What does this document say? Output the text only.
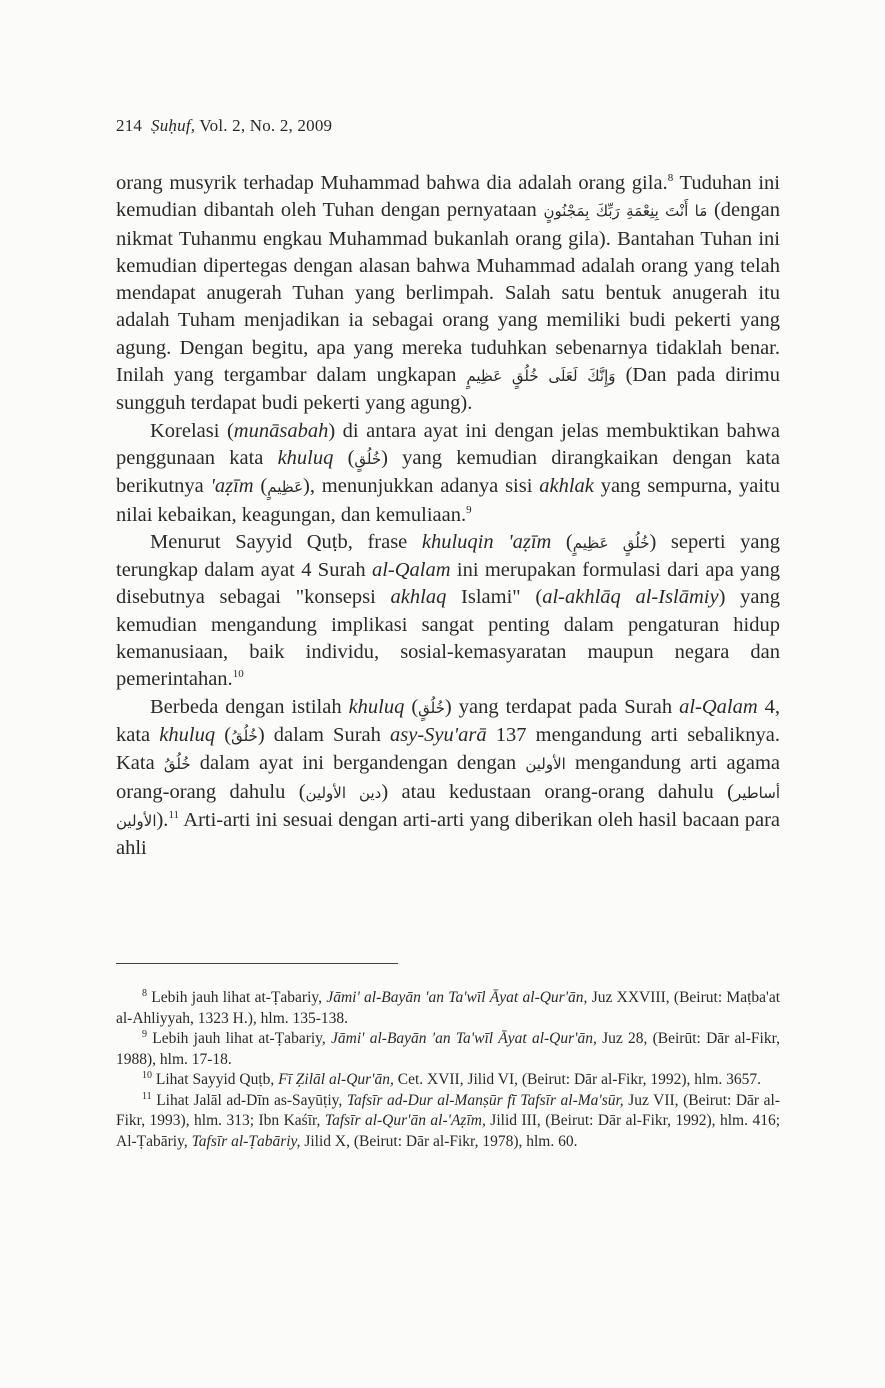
214 Ṣuḥuf, Vol. 2, No. 2, 2009

orang musyrik terhadap Muhammad bahwa dia adalah orang gila.$^8$ Tuduhan ini kemudian dibantah oleh Tuhan dengan pernyataan مَا أَنْتَ بِنِعْمَةِ رَبِّكَ بِمَجْنُونٍ (dengan nikmat Tuhanmu engkau Muhammad bukanlah orang gila). Bantahan Tuhan ini kemudian dipertegas dengan alasan bahwa Muhammad adalah orang yang telah mendapat anugerah Tuhan yang berlimpah. Salah satu bentuk anugerah itu adalah Tuham menjadikan ia sebagai orang yang memiliki budi pekerti yang agung. Dengan begitu, apa yang mereka tuduhkan sebenarnya tidaklah benar. Inilah yang tergambar dalam ungkapan وَإِنَّكَ لَعَلَى خُلُقٍ عَظِيمٍ (Dan pada dirimu sungguh terdapat budi pekerti yang agung).

Korelasi (munāsabah) di antara ayat ini dengan jelas membuktikan bahwa penggunaan kata khuluq (خُلُقٍ) yang kemudian dirangkaikan dengan kata berikutnya 'aẓīm (عَظِيمٍ), menunjukkan adanya sisi akhlak yang sempurna, yaitu nilai kebaikan, keagungan, dan kemuliaan.$^9$

Menurut Sayyid Quṭb, frase khuluqin 'aẓīm (خُلُقٍ عَظِيمٍ) seperti yang terungkap dalam ayat 4 Surah al-Qalam ini merupakan formulasi dari apa yang disebutnya sebagai "konsepsi akhlaq Islami" (al-akhlāq al-Islāmiy) yang kemudian mengandung implikasi sangat penting dalam pengaturan hidup kemanusiaan, baik individu, sosial-kemasyaratan maupun negara dan pemerintahan.$^{10}$

Berbeda dengan istilah khuluq (خُلُقٍ) yang terdapat pada Surah al-Qalam 4, kata khuluq (خُلُقُ) dalam Surah asy-Syu'arā 137 mengandung arti sebaliknya. Kata خُلُقُ dalam ayat ini bergandengan dengan الأولين mengandung arti agama orang-orang dahulu (دين الأولين) atau kedustaan orang-orang dahulu (أساطير الأولين).$^{11}$ Arti-arti ini sesuai dengan arti-arti yang diberikan oleh hasil bacaan para ahli

$^8$ Lebih jauh lihat at-Ṭabariy, Jāmi' al-Bayān 'an Ta'wīl Āyat al-Qur'ān, Juz XXVIII, (Beirut: Maṭba'at al-Ahliyyah, 1323 H.), hlm. 135-138.

$^9$ Lebih jauh lihat at-Ṭabariy, Jāmi' al-Bayān 'an Ta'wīl Āyat al-Qur'ān, Juz 28, (Beirūt: Dār al-Fikr, 1988), hlm. 17-18.

$^{10}$ Lihat Sayyid Quṭb, Fī Ẓilāl al-Qur'ān, Cet. XVII, Jilid VI, (Beirut: Dār al-Fikr, 1992), hlm. 3657.

$^{11}$ Lihat Jalāl ad-Dīn as-Sayūṭiy, Tafsīr ad-Dur al-Manṣūr fī Tafsīr al-Ma'sūr, Juz VII, (Beirut: Dār al-Fikr, 1993), hlm. 313; Ibn Kaśīr, Tafsīr al-Qur'ān al-'Aẓīm, Jilid III, (Beirut: Dār al-Fikr, 1992), hlm. 416; Al-Ṭabāriy, Tafsīr al-Ṭabāriy, Jilid X, (Beirut: Dār al-Fikr, 1978), hlm. 60.
